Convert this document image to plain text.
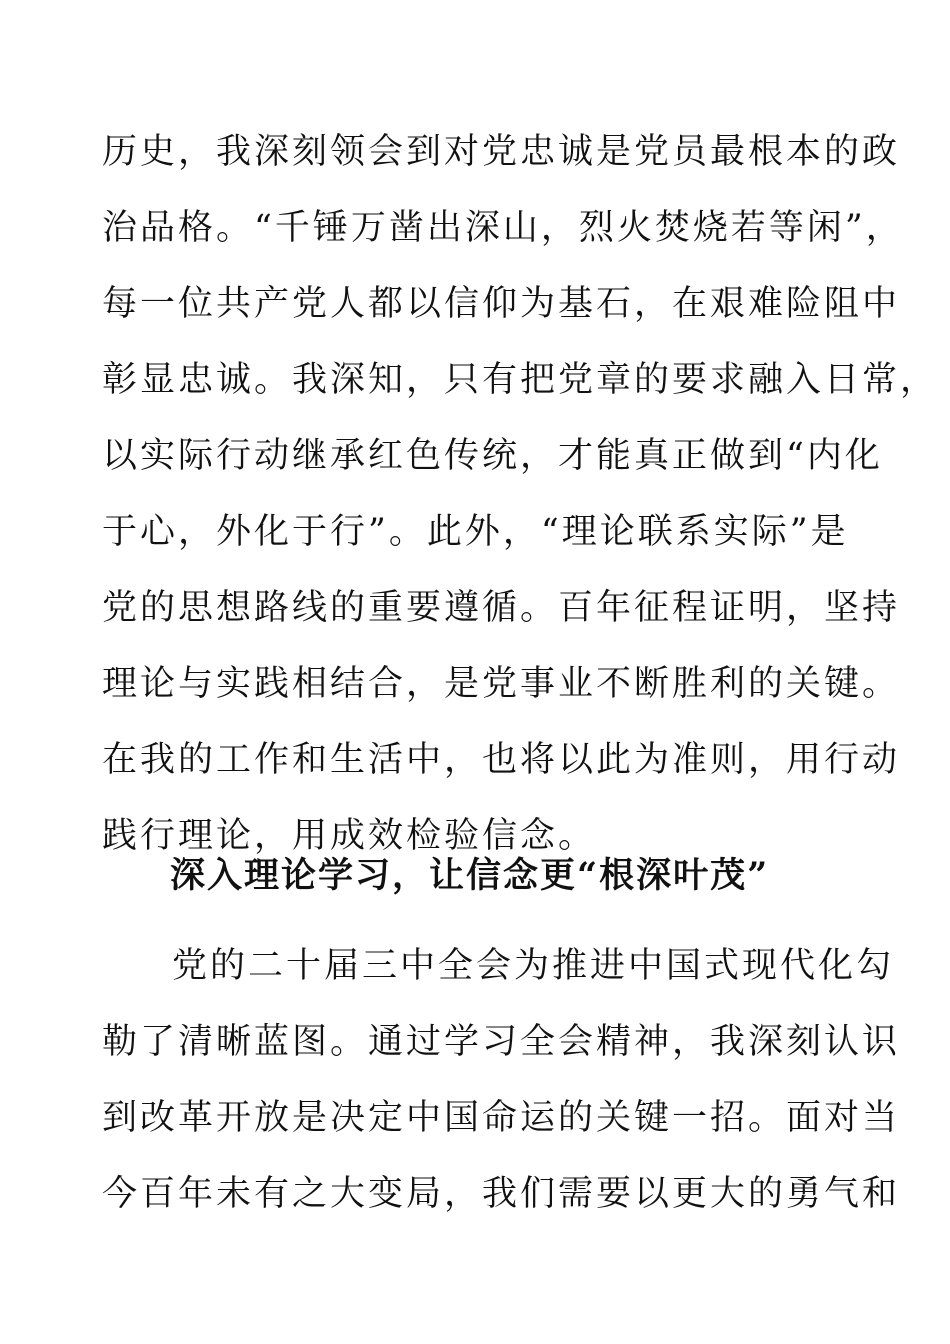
历史，我深刻领会到对党忠诚是党员最根本的政
治品格。“千锤万凿出深山，烈火焚烧若等闲”，
每一位共产党人都以信仰为基石，在艰难险阻中
彰显忠诚。我深知，只有把党章的要求融入日常，
以实际行动继承红色传统，才能真正做到“内化
于心，外化于行”。此外，“理论联系实际”是
党的思想路线的重要遵循。百年征程证明，坚持
理论与实践相结合，是党事业不断胜利的关键。
在我的工作和生活中，也将以此为准则，用行动
践行理论，用成效检验信念。
深入理论学习，让信念更“根深叶茂”
党的二十届三中全会为推进中国式现代化勾
勒了清晰蓝图。通过学习全会精神，我深刻认识
到改革开放是决定中国命运的关键一招。面对当
今百年未有之大变局，我们需要以更大的勇气和
